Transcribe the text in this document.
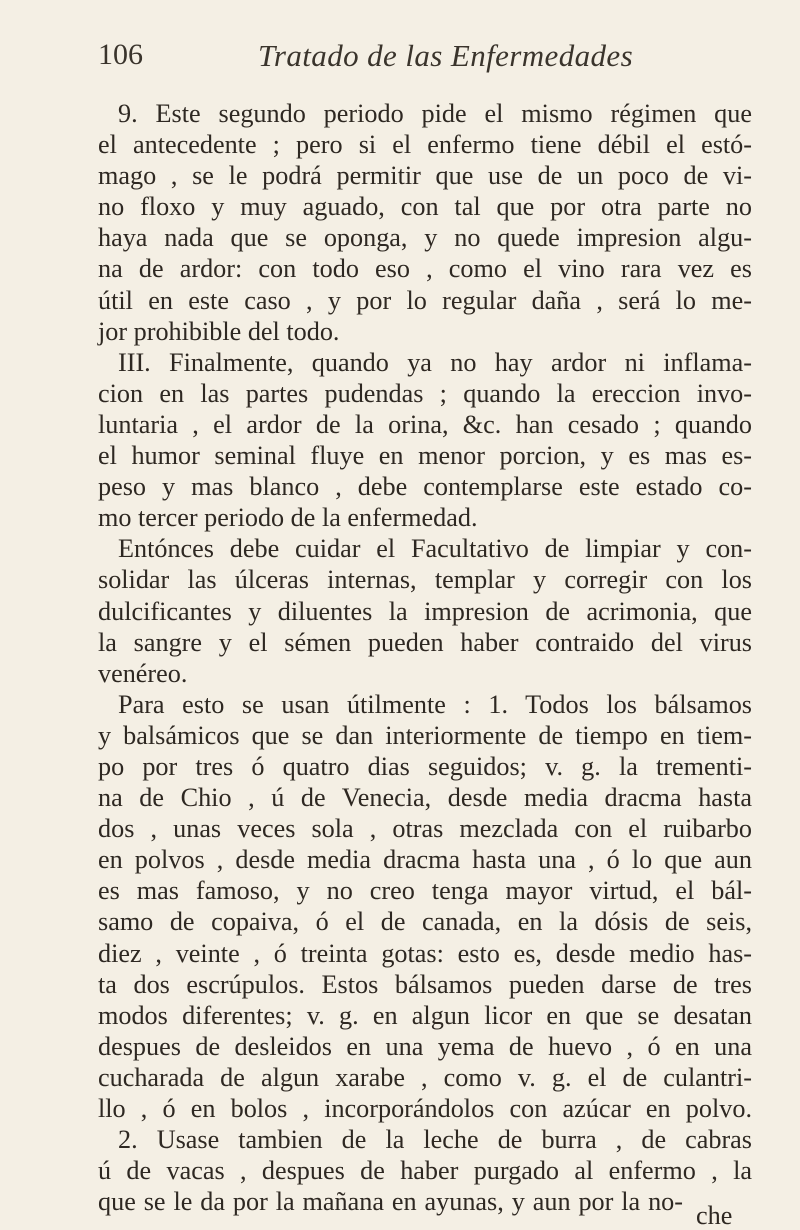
106	Tratado de las Enfermedades
9. Este segundo periodo pide el mismo régimen que
el antecedente ; pero si el enfermo tiene débil el estó-
mago , se le podrá permitir que use de un poco de vi-
no floxo y muy aguado, con tal que por otra parte no
haya nada que se oponga, y no quede impresion algu-
na de ardor: con todo eso , como el vino rara vez es
útil en este caso , y por lo regular daña , será lo me-
jor prohibible del todo.
III. Finalmente, quando ya no hay ardor ni inflama-
cion en las partes pudendas ; quando la ereccion invo-
luntaria , el ardor de la orina, &c. han cesado ; quando
el humor seminal fluye en menor porcion, y es mas es-
peso y mas blanco , debe contemplarse este estado co-
mo tercer periodo de la enfermedad.
Entónces debe cuidar el Facultativo de limpiar y con-
solidar las úlceras internas, templar y corregir con los
dulcificantes y diluentes la impresion de acrimonia, que
la sangre y el sémen pueden haber contraido del virus
venéreo.
Para esto se usan útilmente : 1. Todos los bálsamos
y balsámicos que se dan interiormente de tiempo en tiem-
po por tres ó quatro dias seguidos; v. g. la trementi-
na de Chio , ú de Venecia, desde media dracma hasta
dos , unas veces sola , otras mezclada con el ruibarbo
en polvos , desde media dracma hasta una , ó lo que aun
es mas famoso, y no creo tenga mayor virtud, el bál-
samo de copaiva, ó el de canada, en la dósis de seis,
diez , veinte , ó treinta gotas: esto es, desde medio has-
ta dos escrúpulos. Estos bálsamos pueden darse de tres
modos diferentes; v. g. en algun licor en que se desatan
despues de desleidos en una yema de huevo , ó en una
cucharada de algun xarabe , como v. g. el de culantri-
llo , ó en bolos , incorporándolos con azúcar en polvo.
2. Usase tambien de la leche de burra , de cabras
ú de vacas , despues de haber purgado al enfermo , la
que se le da por la mañana en ayunas, y aun por la no- che
